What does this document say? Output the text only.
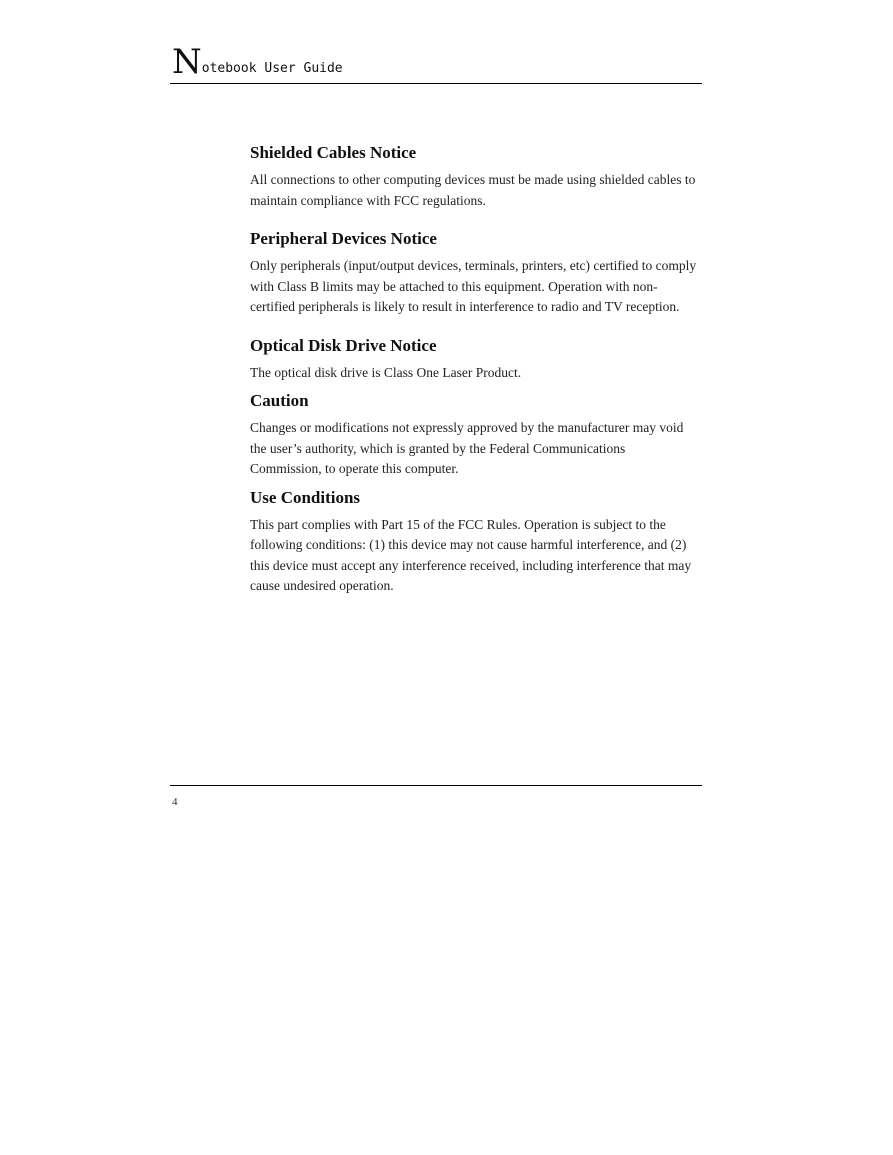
Notebook User Guide
Shielded Cables Notice

All connections to other computing devices must be made using shielded cables to maintain compliance with FCC regulations.

Peripheral Devices Notice

Only peripherals (input/output devices, terminals, printers, etc) certified to comply with Class B limits may be attached to this equipment. Operation with non-certified peripherals is likely to result in interference to radio and TV reception.

Optical Disk Drive Notice

The optical disk drive is Class One Laser Product.

Caution

Changes or modifications not expressly approved by the manufacturer may void the user’s authority, which is granted by the Federal Communications Commission, to operate this computer.

Use Conditions

This part complies with Part 15 of the FCC Rules. Operation is subject to the following conditions: (1) this device may not cause harmful interference, and (2) this device must accept any interference received, including interference that may cause undesired operation.

4
